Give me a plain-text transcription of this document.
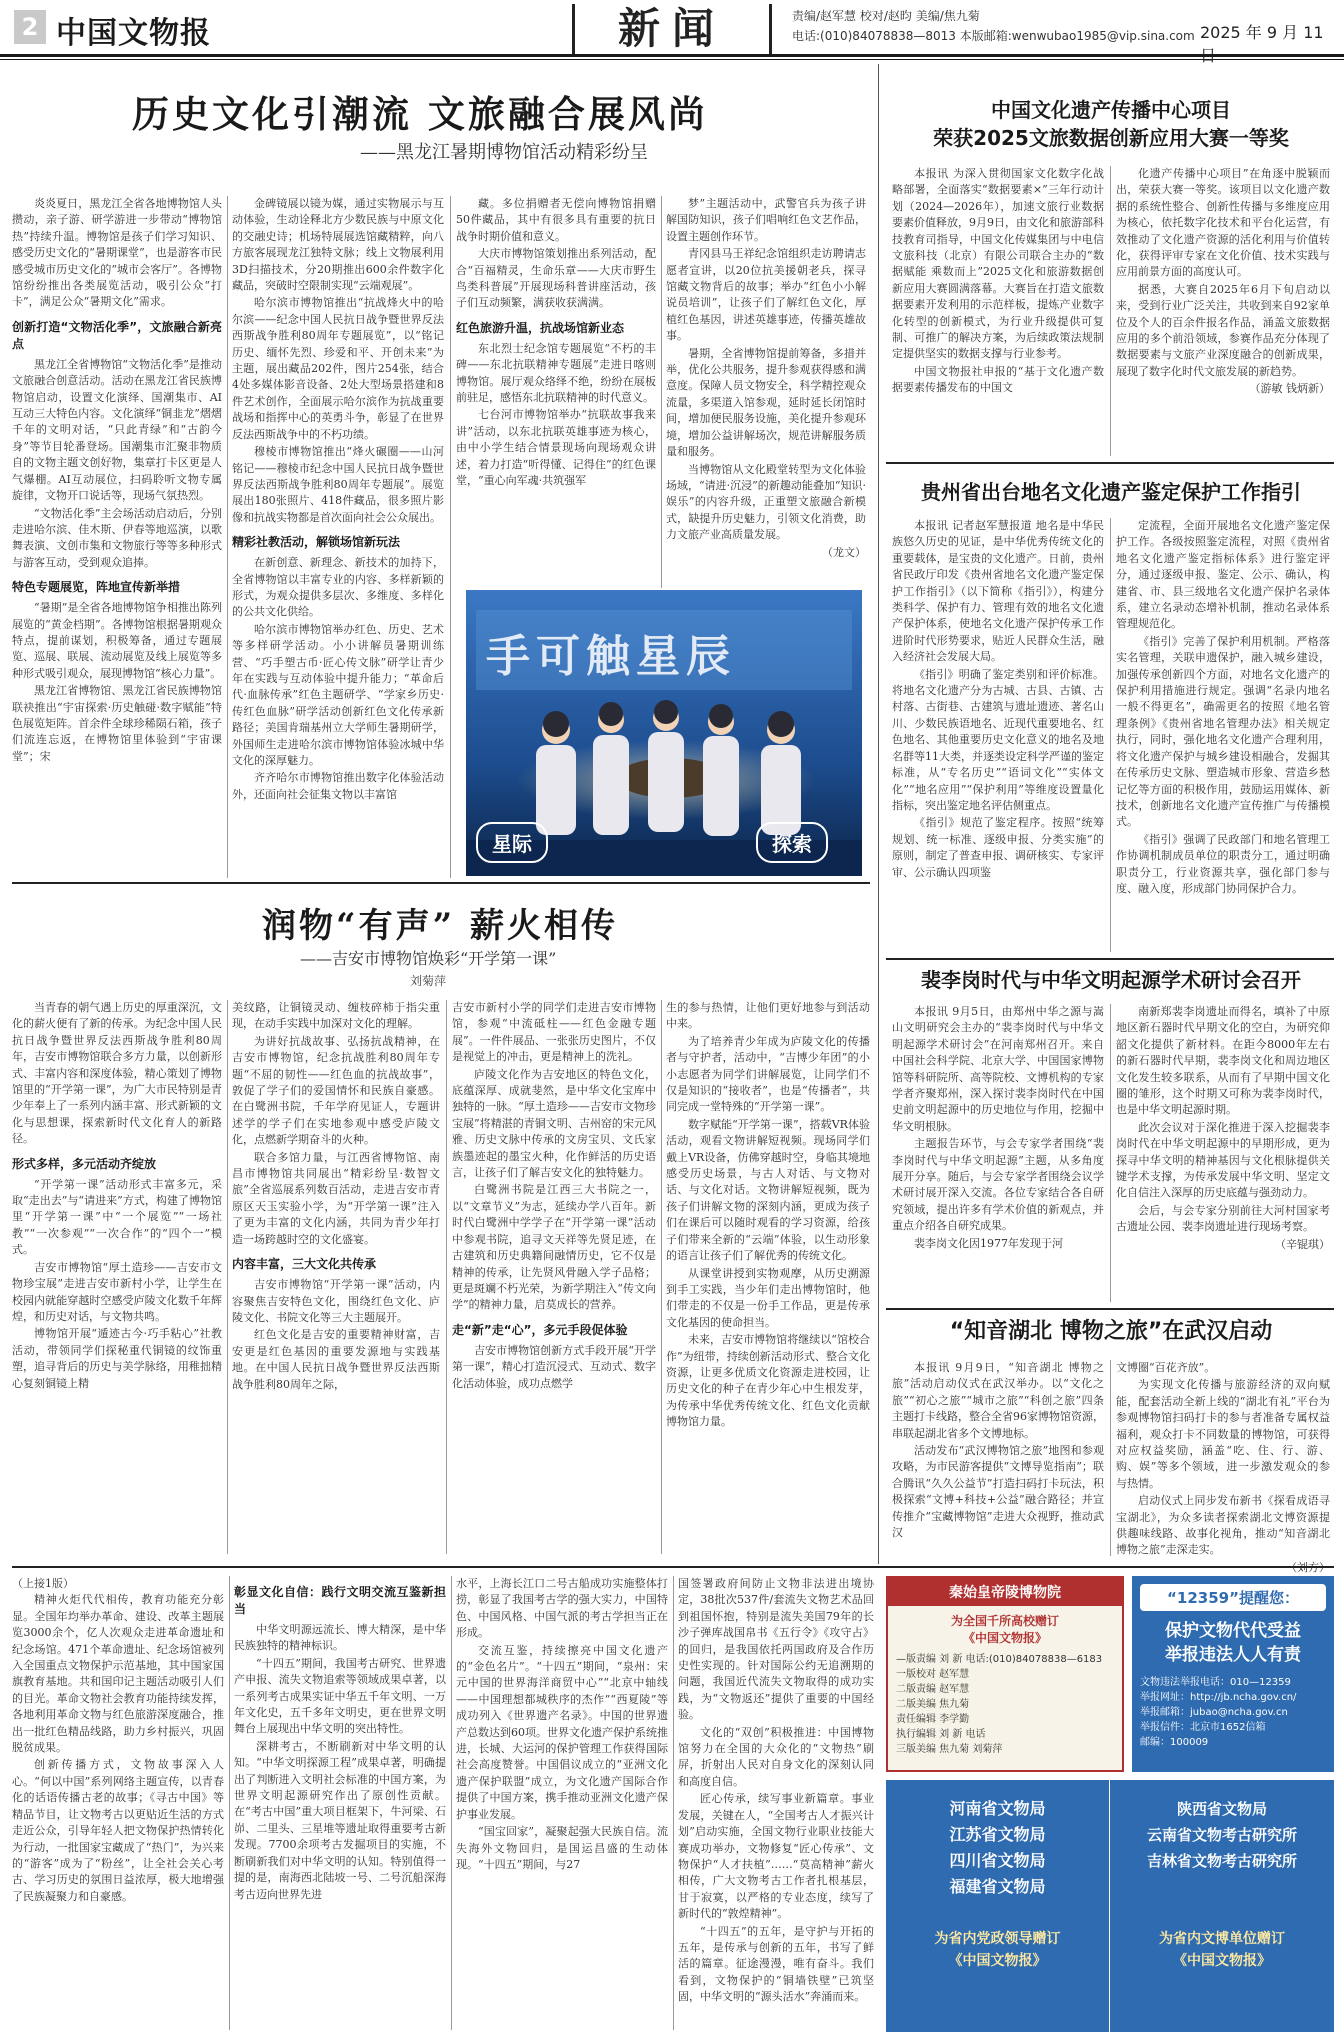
2 中国文物报	新闻	责编/赵军慧 校对/赵昀 美编/焦九菊
电话:(010)84078838—8013 本版邮箱:wenwubao1985@vip.sina.com 2025 年 9 月 11
历史文化引潮流 文旅融合展风尚
——黑龙江暑期博物馆活动精彩纷呈

炎炎夏日，黑龙江全省各地博物馆人头攒动，亲子游、研学游进一步带动“博物馆热”持续升温。博物馆是孩子们学习知识、感受历史文化的“暑期课堂”，也是游客市民感受城市历史文化的“城市会客厅”。各博物馆纷纷推出各类展览活动，吸引公众“打卡”，满足公众“暑期文化”需求。

创新打造“文物活化季”，文旅融合新亮点

黑龙江全省博物馆“文物活化季”是推动文旅融合创意活动。活动在黑龙江省民族博物馆启动，设置文化演绎、国潮集市、AI互动三大特色内容。文化演绎“铜韭龙”熠熠千年的文明对话，“只此青绿”和“古韵今身”等节目轮番登场。国潮集市汇聚非物质自的文物主题文创好物，集章打卡区更是人气爆棚。AI互动展位，扫码聆听文物专属旋律，文物开口说话等，现场气氛热烈。

“文物活化季”主会场活动启动后，分别走进哈尔滨、佳木斯、伊春等地巡演，以歌舞表演、文创市集和文物旅行等等多种形式与游客互动，受到观众追捧。

特色专题展览，阵地宣传新举措

“暑期”是全省各地博物馆争相推出陈列展览的“黄金档期”。各博物馆根据暑期观众特点，提前谋划，积极筹备，通过专题展览、巡展、联展、流动展览及线上展览等多种形式吸引观众，展现博物馆“核心力量”。

黑龙江省博物馆、黑龙江省民族博物馆联袂推出“宇宙探索·历史触碰·数字赋能”特色展览矩阵。首余件全球珍稀陨石箱，孩子们流连忘返，在博物馆里体验到“宇宙课堂”；宋

金碑镜展以镜为媒，通过实物展示与互动体验，生动诠释北方少数民族与中原文化的交融史诗；机场特展展选馆藏精粹，向八方旅客展现龙江独特文脉；线上文物展利用3D扫描技术，分20期推出600余件数字化藏品，突破时空限制实现“云端观展”。

哈尔滨市博物馆推出“抗战烽火中的哈尔滨——纪念中国人民抗日战争暨世界反法西斯战争胜利80周年专题展览”，以“铭记历史、缅怀先烈、珍爱和平、开创未来”为主题，展出藏品202件，图片254张，结合4处多媒体影音设备、2处大型场景搭建和8件艺术创作，全面展示哈尔滨作为抗战重要战场和指挥中心的英勇斗争，彰显了在世界反法西斯战争中的不朽功绩。

穆棱市博物馆推出“烽火碾圈——山河铭记——穆棱市纪念中国人民抗日战争暨世界反法西斯战争胜利80周年专题展”。展览展出180张照片、418件藏品，很多照片影像和抗战实物都是首次面向社会公众展出。

精彩社教活动，解锁场馆新玩法

在新创意、新理念、新技术的加持下，全省博物馆以丰富专业的内容、多样新颖的形式，为观众提供多层次、多维度、多样化的公共文化供给。

哈尔滨市博物馆举办红色、历史、艺术等多样研学活动。小小讲解员暑期训练营、“巧手塑古币·匠心传文脉”研学让青少年在实践与互动体验中提升能力；“革命后代·血脉传承”红色主题研学、“学家乡历史·传红色血脉”研学活动创新红色文化传承新路径；美国肯瑞基州立大学师生暑期研学，外国师生走进哈尔滨市博物馆体验冰城中华文化的深厚魅力。

齐齐哈尔市博物馆推出数字化体验活动外，还面向社会征集文物以丰富馆

藏。多位捐赠者无偿向博物馆捐赠50件藏品，其中有很多具有重要的抗日战争时期价值和意义。

大庆市博物馆策划推出系列活动，配合“百福精灵，生命乐章——大庆市野生鸟类科普展”开展现场科普讲座活动，孩子们互动频繁，满获收获满满。

红色旅游升温，抗战场馆新业态

东北烈士纪念馆专题展览“不朽的丰碑——东北抗联精神专题展”走进日喀则博物馆。展厅观众络绎不绝，纷纷在展板前驻足，感悟东北抗联精神的时代意义。

七台河市博物馆举办“抗联故事我来讲”活动，以东北抗联英雄事迹为核心，由中小学生结合情景现场向现场观众讲述，着力打造“听得懂、记得住”的红色课堂，“重心向军魂·共筑强军

梦”主题活动中，武警官兵为孩子讲解国防知识，孩子们唱响红色文艺作品，设置主题创作环节。

青冈县马王祥纪念馆组织走访聘请志愿者宣讲，以20位抗美援朝老兵，探寻馆藏文物背后的故事；举办“红色小小解说员培训”，让孩子们了解红色文化，厚植红色基因，讲述英雄事迹，传播英雄故事。

暑期，全省博物馆提前筹备，多措并举，优化公共服务，提升参观获得感和满意度。保障人员文物安全，科学精控观众流量，多渠道入馆参观，延时延长闭馆时间，增加便民服务设施，美化提升参观环境，增加公益讲解场次，规范讲解服务质量和服务。

当博物馆从文化殿堂转型为文化体验场域，“请进·沉浸”的新趣动能叠加“知识·娱乐”的内容升级，正重塑文旅融合新模式，缺提升历史魅力，引领文化消费，助力文旅产业高质量发展。

（龙文）

手可触星辰
星际	探索
中国文化遗产传播中心项目
荣获2025文旅数据创新应用大赛一等奖

本报讯 为深入贯彻国家文化数字化战略部署，全面落实“数据要素×”三年行动计划（2024—2026年），加速文旅行业数据要素价值释放，9月9日，由文化和旅游部科技教育司指导，中国文化传媒集团与中电信文旅科技（北京）有限公司联合主办的“数据赋能 乘数而上”2025文化和旅游数据创新应用大赛圆满落幕。大赛旨在打造文旅数据要素开发利用的示范样板，提炼产业数字化转型的创新模式，为行业升级提供可复制、可推广的解决方案，为后续政策法规制定提供坚实的数据支撑与行业参考。

中国文物报社申报的“基于文化遗产数据要素传播发布的中国文

化遗产传播中心项目”在角逐中脱颖而出，荣获大赛一等奖。该项目以文化遗产数据的系统性整合、创新性传播与多维度应用为核心，依托数字化技术和平台化运营，有效推动了文化遗产资源的活化利用与价值转化，获得评审专家在文化价值、技术实践与应用前景方面的高度认可。

据悉，大赛自2025年6月下旬启动以来，受到行业广泛关注，共收到来自92家单位及个人的百余件报名作品，涌盖文旅数据应用的多个前沿领域，参赛作品充分体现了数据要素与文旅产业深度融合的创新成果，展现了数字化时代文旅发展的新趋势。

（游敏 钱炳新）

贵州省出台地名文化遗产鉴定保护工作指引

本报讯 记者赵军慧报道 地名是中华民族悠久历史的见证，是中华优秀传统文化的重要载体，是宝贵的文化遗产。日前，贵州省民政厅印发《贵州省地名文化遗产鉴定保护工作指引》（以下简称《指引》），构建分类科学、保护有力、管理有效的地名文化遗产保护体系，使地名文化遗产保护传承工作进阶时代形势要求，贴近人民群众生活，融入经济社会发展大局。

《指引》明确了鉴定类别和评价标准。将地名文化遗产分为古城、古县、古镇、古村落、古街巷、古建筑与遗址遗迹、著名山川、少数民族语地名、近现代重要地名、红色地名、其他重要历史文化意义的地名及地名群等11大类，并逐类设定科学严谨的鉴定标准，从“专名历史”“语词文化”“实体文化”“地名应用”“保护利用”等维度设置量化指标，突出鉴定地名评估侧重点。

《指引》规范了鉴定程序。按照“统筹规划、统一标准、逐级申报、分类实施”的原则，制定了普查申报、调研核实、专家评审、公示确认四项鉴

定流程，全面开展地名文化遗产鉴定保护工作。各级按照鉴定流程，对照《贵州省地名文化遗产鉴定指标体系》进行鉴定评分，通过逐级申报、鉴定、公示、确认，构建省、市、县三级地名文化遗产保护名录体系，建立名录动态增补机制，推动名录体系管理规范化。

《指引》完善了保护利用机制。严格落实名管理，关联申遗保护，融入城乡建设，加强传承创新四个方面，对地名文化遗产的保护利用措施进行规定。强调“名录内地名一般不得更名”，确需更名的按照《地名管理条例》《贵州省地名管理办法》相关规定执行，同时，强化地名文化遗产合理利用，将文化遗产保护与城乡建设相融合，发掘其在传承历史文脉、塑造城市形象、营造乡愁记忆等方面的积极作用，鼓励运用媒体、新技术，创新地名文化遗产宣传推广与传播模式。

《指引》强调了民政部门和地名管理工作协调机制成员单位的职责分工，通过明确职责分工，行业资源共享，强化部门参与度、融入度，形成部门协同保护合力。

裴李岗时代与中华文明起源学术研讨会召开

本报讯 9月5日，由郑州中华之源与嵩山文明研究会主办的“裴李岗时代与中华文明起源学术研讨会”在河南郑州召开。来自中国社会科学院、北京大学、中国国家博物馆等科研院所、高等院校、文博机构的专家学者齐聚郑州，深入探讨裴李岗时代在中国史前文明起源中的历史地位与作用，挖掘中华文明根脉。

主题报告环节，与会专家学者围绕“裴李岗时代与中华文明起源”主题，从多角度展开分享。随后，与会专家学者围绕会议学术研讨展开深入交流。各位专家结合各自研究领域，提出许多有学术价值的新观点，并重点介绍各自研究成果。

裴李岗文化因1977年发现于河

南新郑裴李岗遗址而得名，填补了中原地区新石器时代早期文化的空白，为研究仰韶文化提供了新材料。在距今8000年左右的新石器时代早期，裴李岗文化和周边地区文化发生较多联系，从而有了早期中国文化圈的雏形，这个时期又可称为裴李岗时代，也是中华文明起源时期。

此次会议对于深化推进于深入挖掘裴李岗时代在中华文明起源中的早期形成，更为探寻中华文明的精神基因与文化根脉提供关键学术支撑，为传承发展中华文明、坚定文化自信注入深厚的历史底蕴与强劲动力。

会后，与会专家分别前往大河村国家考古遗址公园、裴李岗遗址进行现场考察。

（辛锟琪）

“知音湖北 博物之旅”在武汉启动

本报讯 9月9日，“知音湖北 博物之旅”活动启动仪式在武汉举办。以“文化之旅”“初心之旅”“城市之旅”“科创之旅”四条主题打卡线路，整合全省96家博物馆资源，串联起湖北省多个文博地标。

活动发布“武汉博物馆之旅”地图和参观攻略，为市民游客提供“文博导览指南”；联合腾讯“久久公益节”打造扫码打卡玩法，积极探索“文博+科技+公益”融合路径；并宣传推介“宝藏博物馆”走进大众视野，推动武汉

文博圈“百花齐放”。

为实现文化传播与旅游经济的双向赋能，配套活动全新上线的“湖北有礼”平台为参观博物馆扫码打卡的参与者准备专属权益福利，观众打卡不同数量的博物馆，可获得对应权益奖励，涵盖“吃、住、行、游、购、娱”等多个领域，进一步激发观众的参与热情。

启动仪式上同步发布新书《探看成语寻宝湖北》，为众多读者探索湖北文博资源提供趣味线路、故事化视角，推动“知音湖北 博物之旅”走深走实。

润物“有声” 薪火相传
——吉安市博物馆焕彩“开学第一课”
刘菊萍

当青春的朝气遇上历史的厚重深沉，文化的薪火便有了新的传承。为纪念中国人民抗日战争暨世界反法西斯战争胜利80周年，吉安市博物馆联合多方力量，以创新形式、丰富内容和深度体验，精心策划了博物馆里的“开学第一课”，为广大市民特别是青少年奉上了一系列内涵丰富、形式新颖的文化与思想课，探索新时代文化育人的新路径。

形式多样，多元活动齐绽放

“开学第一课”活动形式丰富多元，采取“走出去”与“请进来”方式，构建了博物馆里“开学第一课”中“一个展览”“一场社教”“一次参观”“一次合作”的“四个一”模式。

吉安市博物馆“厚土造珍——吉安市文物珍宝展”走进吉安市新村小学，让学生在校园内就能穿越时空感受庐陵文化数千年辉煌，和历史对话，与文物共鸣。

博物馆开展“遁迹古今·巧手粘心”社教活动，带领同学们探秘重代铜镜的纹饰重塑，追寻背后的历史与美学脉络，用稚拙精心复刻铜镜上精

美纹路，让铜镜灵动、缠枝碎柿于指尖重现，在动手实践中加深对文化的理解。

为讲好抗战故事、弘扬抗战精神，在吉安市博物馆，纪念抗战胜利80周年专题“不屈的韧性——红色血的抗战故事”，敦促了学子们的爱国情怀和民族自豪感。在白鹭洲书院，千年学府见证人，专题讲述学的学子们在实地参观中感受庐陵文化，点燃新学期奋斗的火种。

联合多馆力量，与江西省博物馆、南昌市博物馆共同展出“精彩纷呈·数智文旅”全省巡展系列数百活动，走进吉安市青原区天玉实验小学，为“开学第一课”注入了更为丰富的文化内涵，共同为青少年打造一场跨越时空的文化盛宴。

内容丰富，三大文化共传承

吉安市博物馆“开学第一课”活动，内容聚焦吉安特色文化，围绕红色文化、庐陵文化、书院文化等三大主题展开。

红色文化是吉安的重要精神财富，吉安更是红色基因的重要发源地与实践基地。在中国人民抗日战争暨世界反法西斯战争胜利80周年之际，

吉安市新村小学的同学们走进吉安市博物馆，参观“中流砥柱——红色金融专题展”。一件件展品、一张张历史图片，不仅是视觉上的冲击，更是精神上的洗礼。

庐陵文化作为吉安地区的特色文化，底蕴深厚、成就斐然，是中华文化宝库中独特的一脉。“厚土造珍——吉安市文物珍宝展”将精湛的青铜文明、吉州窑的宋元风雅、历史文脉中传承的文房宝贝、文氏家族墨迹起的墨宝火种，化作鲜活的历史语言，让孩子们了解吉安文化的独特魅力。

白鹭洲书院是江西三大书院之一，以“文章节义”为志，延续办学八百年。新时代白鹭洲中学学子在“开学第一课”活动中参观书院，追寻文天祥等先贤足迹，在古建筑和历史典籍间融情历史，它不仅是精神的传承，让先贤风骨融入学子品格；更是斑斓不朽光荣，为新学期注入“传文向学”的精神力量，启莫成长的营养。

走“新”走“心”，多元手段促体验

吉安市博物馆创新方式手段开展“开学第一课”，精心打造沉浸式、互动式、数字化活动体验，成功点燃学

生的参与热情，让他们更好地参与到活动中来。

为了培养青少年成为庐陵文化的传播者与守护者，活动中，“吉博少年团”的小小志愿者为同学们讲解展览，让同学们不仅是知识的“接收者”，也是“传播者”，共同完成一堂特殊的“开学第一课”。

数字赋能“开学第一课”，搭载VR体验活动，观看文物讲解短视频。现场同学们戴上VR设备，仿佛穿越时空，身临其境地感受历史场景，与古人对话、与文物对话、与文化对话。文物讲解短视频，既为孩子们讲解文物的深刻内涵，更成为孩子们在课后可以随时观看的学习资源，给孩子们带来全新的“云端”体验，以生动形象的语言让孩子们了解优秀的传统文化。

从课堂讲授到实物观摩，从历史溯源到手工实践，当少年们走出博物馆时，他们带走的不仅是一份手工作品，更是传承文化基因的使命担当。

未来，吉安市博物馆将继续以“馆校合作”为纽带，持续创新活动形式、整合文化资源，让更多优质文化资源走进校园，让历史文化的种子在青少年心中生根发芽，为传承中华优秀传统文化、红色文化贡献博物馆力量。

（上接1版）

精神火炬代代相传，教育功能充分彰显。全国年均举办革命、建设、改革主题展览3000余个，亿人次观众走进革命遗址和纪念场馆。471个革命遗址、纪念场馆被列入全国重点文物保护示范基地，其中国家国旗教育基地。共和国印记主题活动吸引人们的目光。革命文物社会教育功能持续发挥，各地利用革命文物与红色旅游深度融合，推出一批红色精品线路，助力乡村振兴，巩固脱贫成果。

创新传播方式，文物故事深入人心。“何以中国”系列网络主题宣传，以青春化的话语传播古老的故事；《寻古中国》等精品节目，让文物考古以更贴近生活的方式走近公众，引导年轻人把文物保护热情转化为行动，一批国家宝藏成了“热门”，为兴来的“游客”成为了“粉丝”，让全社会关心考古、学习历史的氛围日益浓厚，极大地增强了民族凝聚力和自豪感。

彰显文化自信：践行文明交流互鉴新担当

中华文明源远流长、博大精深，是中华民族独特的精神标识。

“十四五”期间，我国考古研究、世界遗产申报、流失文物追索等领域成果卓著，以一系列考古成果实证中华五千年文明、一万年文化史，五千多年文明史，更在世界文明舞台上展现出中华文明的突出特性。

深耕考古，不断刷新对中华文明的认知。“中华文明探源工程”成果卓著，明确提出了判断进入文明社会标准的中国方案，为世界文明起源研究作出了原创性贡献。在“考古中国”重大项目框架下，牛河梁、石峁、二里头、三星堆等遗址取得重要考古新发现。7700余项考古发掘项目的实施，不断刷新我们对中华文明的认知。特别值得一提的是，南海西北陆坡一号、二号沉船深海考古迈向世界先进

水平，上海长江口二号古船成功实施整体打捞，彰显了我国考古学的强大实力，中国特色、中国风格、中国气派的考古学担当正在形成。

交流互鉴，持续擦亮中国文化遗产的“金色名片”。“十四五”期间，“泉州：宋元中国的世界海洋商贸中心”“北京中轴线——中国理想都城秩序的杰作”“西夏陵”等成功列入《世界遗产名录》。中国的世界遗产总数达到60项。世界文化遗产保护系统推进，长城、大运河的保护管理工作获得国际社会高度赞誉。中国倡议成立的“亚洲文化遗产保护联盟”成立，为文化遗产国际合作提供了中国方案，携手推动亚洲文化遗产保护事业发展。

“国宝回家”，凝聚起强大民族自信。流失海外文物回归，是国运昌盛的生动体现。“十四五”期间，与27

国签署政府间防止文物非法进出境协定，38批次537件/套流失文物艺术品回到祖国怀抱，特别是流失美国79年的长沙子弹库战国帛书《五行令》《攻守占》的回归，是我国依托两国政府及合作历史性实现的。针对国际公约无追溯期的问题，我国近代流失文物取得的成功实践，为“文物返还”提供了重要的中国经验。

文化的“双创”积极推进：中国博物馆努力在全国的大众化的“文物热”刷屏，折射出人民对自身文化的深刻认同和高度自信。

匠心传承，续写事业新篇章。事业发展，关键在人，“全国考古人才振兴计划”启动实施，全国文物行业职业技能大赛成功举办，文物修复“匠心传承”、文物保护“人才扶植”……“莫高精神”薪火相传，广大文物考古工作者扎根基层，甘于寂寞，以严格的专业态度，续写了新时代的“敦煌精神”。

“十四五”的五年，是守护与开拓的五年，是传承与创新的五年，书写了鲜活的篇章。征途漫漫，唯有奋斗。我们看到，文物保护的“铜墙铁壁”已筑坚固，中华文明的“源头活水”奔涌而来。

秦始皇帝陵博物院
为全国千所高校赠订
《中国文物报》
—版责编 刘 新 电话:(010)84078838—6183
一版校对 赵军慧
二版责编 赵军慧
二版美编 焦九菊
责任编辑 李学勤
执行编辑 刘 新 电话
三版美编 焦九菊 刘菊萍
“12359”提醒您：
保护文物代代受益
举报违法人人有责
文物违法举报电话：010—12359
举报网址：http://jb.ncha.gov.cn/
举报邮箱：jubao@ncha.gov.cn
举报信件：北京市1652信箱
邮编：100009
河南省文物局
江苏省文物局
四川省文物局
福建省文物局
为省内党政领导赠订
《中国文物报》
陕西省文物局
云南省文物考古研究所
吉林省文物考古研究所
为省内文博单位赠订
《中国文物报》
